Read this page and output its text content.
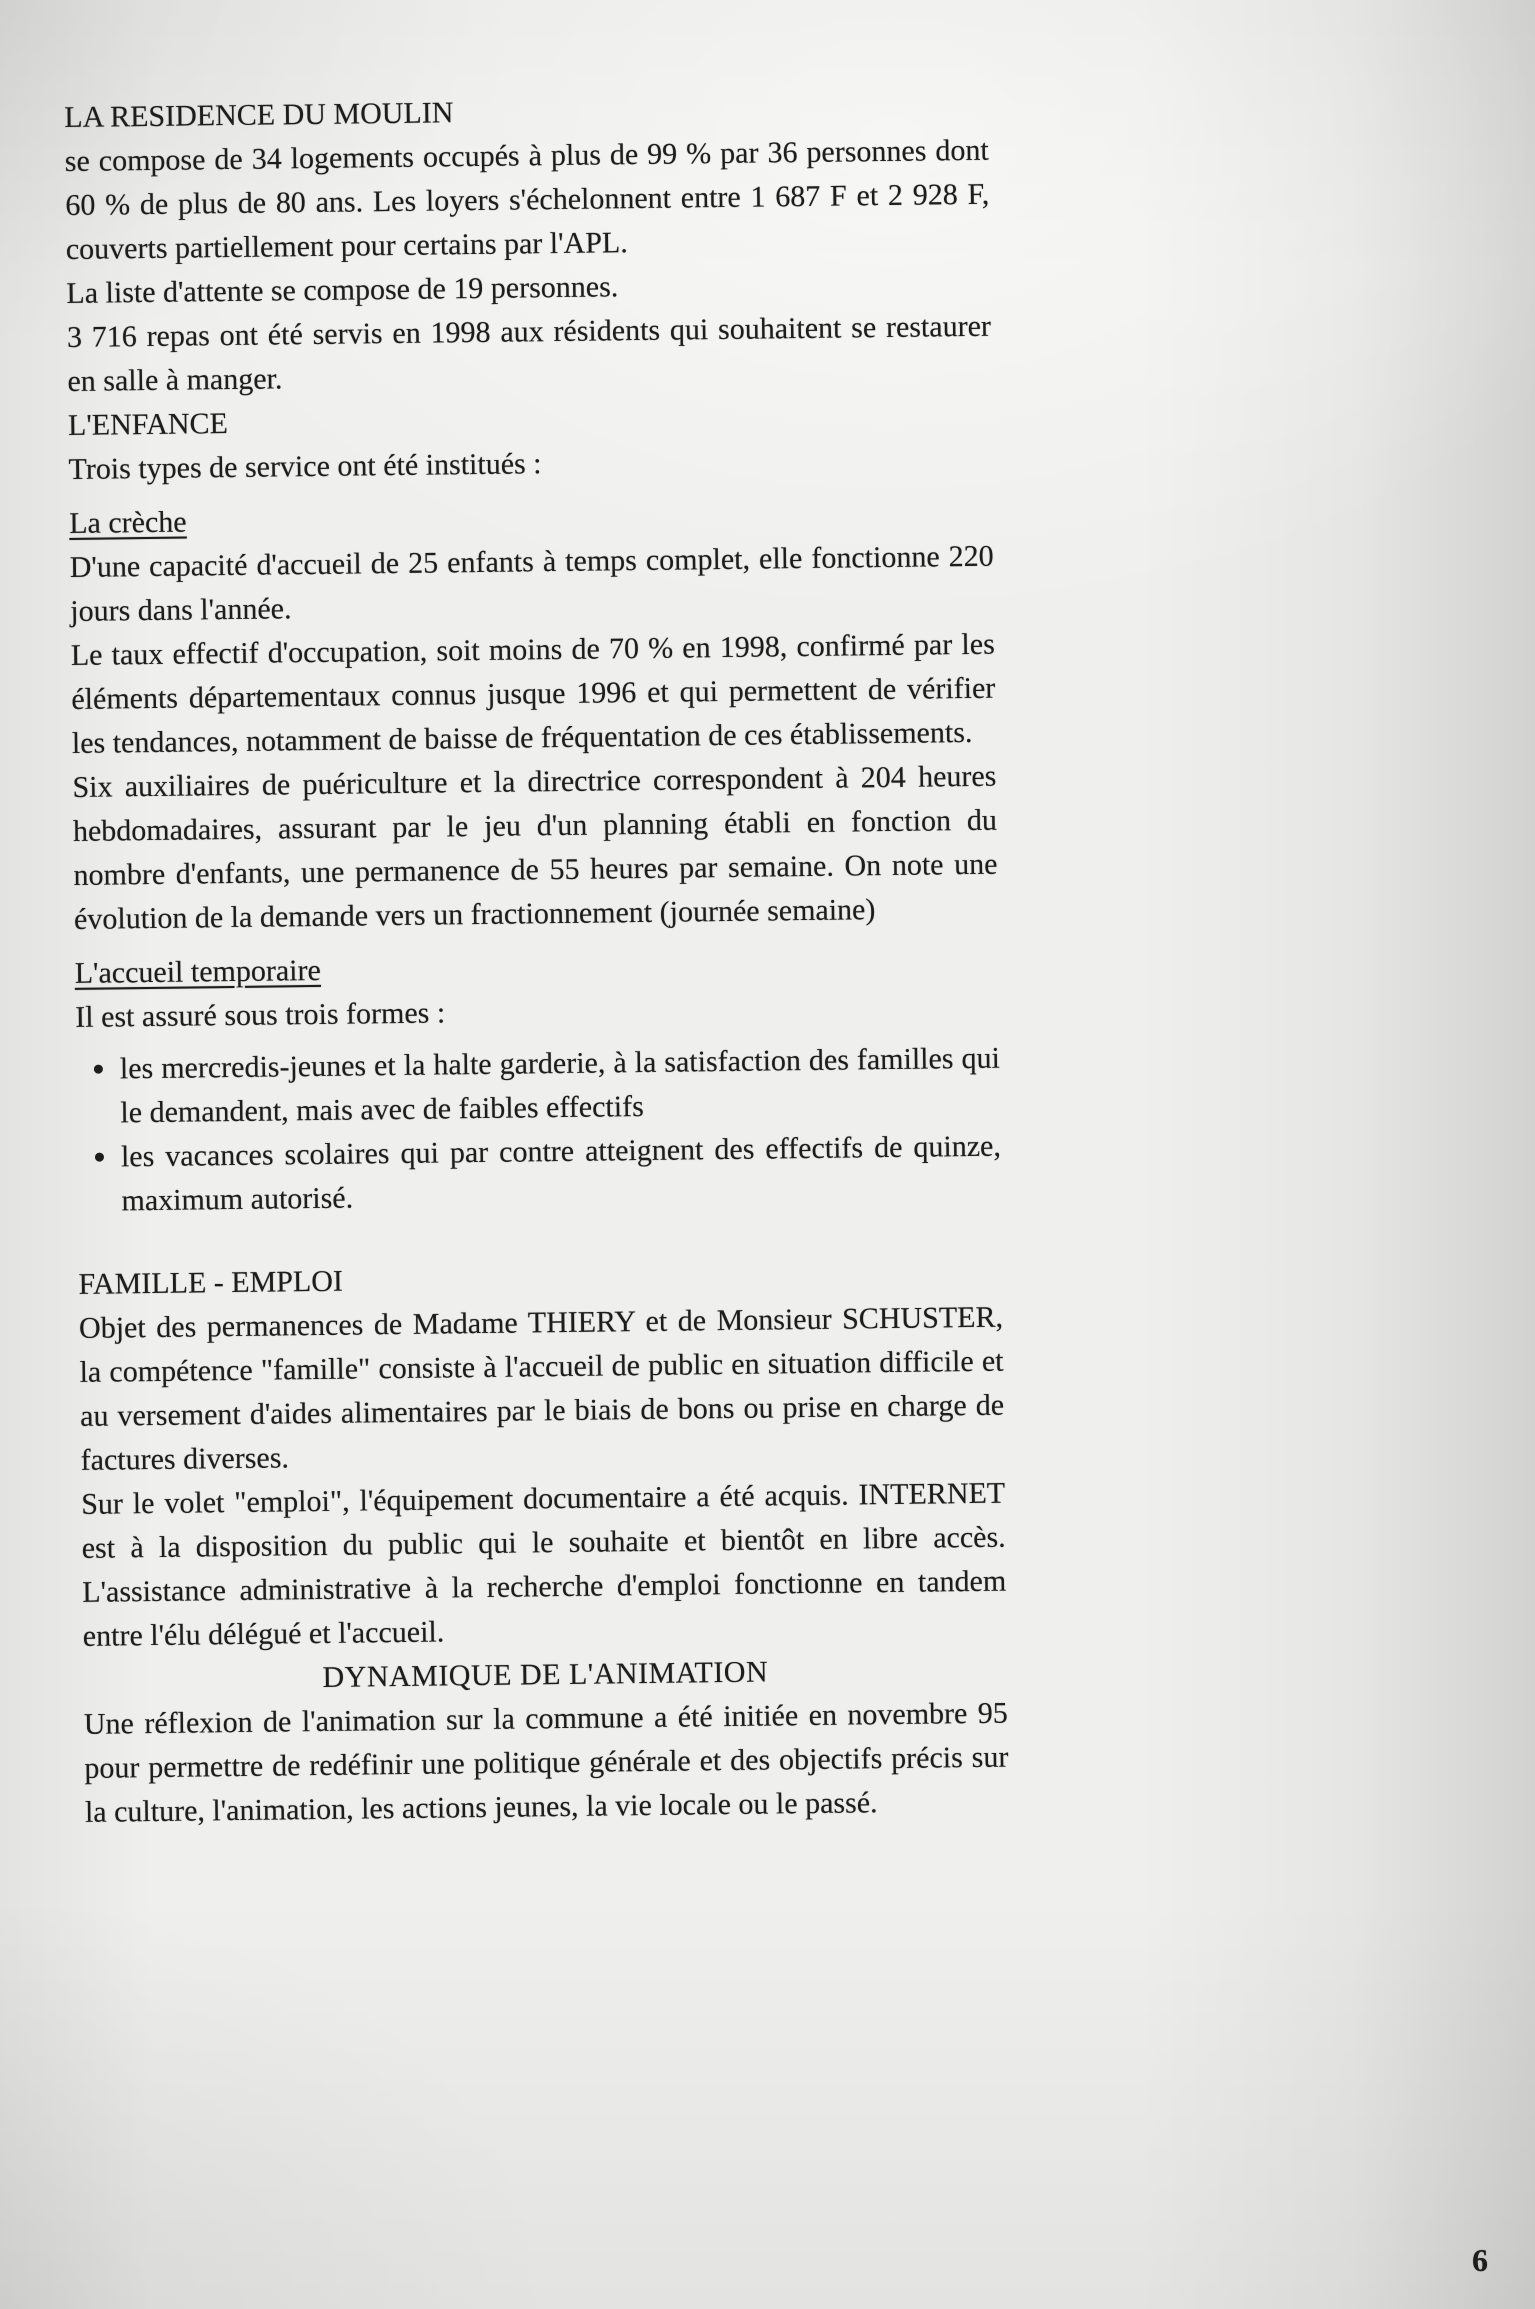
LA RESIDENCE DU MOULIN

se compose de 34 logements occupés à plus de 99 % par 36 personnes dont 60 % de plus de 80 ans. Les loyers s'échelonnent entre 1 687 F et 2 928 F, couverts partiellement pour certains par l'APL.

La liste d'attente se compose de 19 personnes.

3 716 repas ont été servis en 1998 aux résidents qui souhaitent se restaurer en salle à manger.

L'ENFANCE

Trois types de service ont été institués :

La crèche

D'une capacité d'accueil de 25 enfants à temps complet, elle fonctionne 220 jours dans l'année.

Le taux effectif d'occupation, soit moins de 70 % en 1998, confirmé par les éléments départementaux connus jusque 1996 et qui permettent de vérifier les tendances, notamment de baisse de fréquentation de ces établissements.

Six auxiliaires de puériculture et la directrice correspondent à 204 heures hebdomadaires, assurant par le jeu d'un planning établi en fonction du nombre d'enfants, une permanence de 55 heures par semaine. On note une évolution de la demande vers un fractionnement (journée semaine)

L'accueil temporaire

Il est assuré sous trois formes :

les mercredis-jeunes et la halte garderie, à la satisfaction des familles qui le demandent, mais avec de faibles effectifs
les vacances scolaires qui par contre atteignent des effectifs de quinze, maximum autorisé.
FAMILLE - EMPLOI

Objet des permanences de Madame THIERY et de Monsieur SCHUSTER, la compétence "famille" consiste à l'accueil de public en situation difficile et au versement d'aides alimentaires par le biais de bons ou prise en charge de factures diverses.

Sur le volet "emploi", l'équipement documentaire a été acquis. INTERNET est à la disposition du public qui le souhaite et bientôt en libre accès. L'assistance administrative à la recherche d'emploi fonctionne en tandem entre l'élu délégué et l'accueil.

DYNAMIQUE DE L'ANIMATION

Une réflexion de l'animation sur la commune a été initiée en novembre 95 pour permettre de redéfinir une politique générale et des objectifs précis sur la culture, l'animation, les actions jeunes, la vie locale ou le passé.

6
